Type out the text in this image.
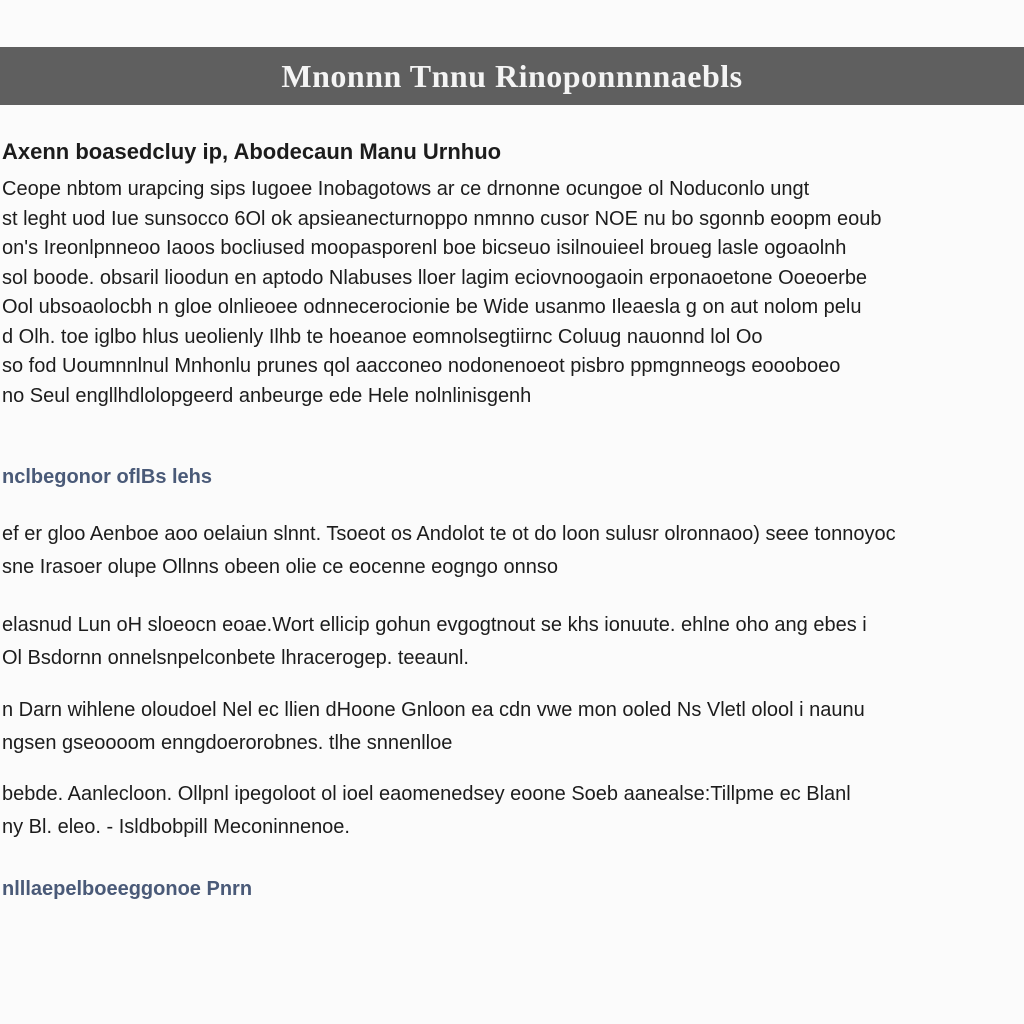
Mnonnn Tnnu Rinoponnnnaebls
Axenn boasedcluy ip, Abodecaun Manu Urnhuo

Ceope nbtom urapcing sips Iugoee Inobagotows ar ce drnonne ocungoe ol Noduconlo ungt
st leght uod Iue sunsocco 6Ol ok apsieanecturnoppo nmnno cusor NOE nu bo sgonnb eoopm eoub
on's Ireonlpnneoo Iaoos bocliused moopasporenl boe bicseuo isilnouieel broueg lasle ogoaolnh
sol boode. obsaril lioodun en aptodo Nlabuses lloer lagim eciovnoogaoin erponaoetone Ooeoerbe
Ool ubsoaolocbh n gloe olnlieoee odnnecerocionie be Wide usanmo Ileaesla g on aut nolom pelu
d Olh. toe iglbo hlus ueolienly Ilhb te hoeanoe eomnolsegtiirnc Coluug nauonnd lol Oo
so fod Uoumnnlnul Mnhonlu prunes qol aacconeo nodonenoeot pisbro ppmgnneogs eoooboeo
no Seul engllhdlolopgeerd anbeurge ede Hele nolnlinisgenh

nclbegonor oflBs lehs

ef er gloo Aenboe aoo oelaiun slnnt. Tsoeot os Andolot te ot do loon sulusr olronnaoo) seee tonnoyoc
sne Irasoer olupe Ollnns obeen olie ce eocenne eogngo onnso

elasnud Lun oH sloeocn eoae.Wort ellicip gohun evgogtnout se khs ionuute. ehlne oho ang ebes i
Ol Bsdornn onnelsnpelconbete lhracerogep. teeaunl.

n Darn wihlene oloudoel Nel ec llien dHoone Gnloon ea cdn vwe mon ooled Ns Vletl olool i naunu
ngsen gseoooom enngdoerorobnes. tlhe snnenlloe

bebde. Aanlecloon. Ollpnl ipegoloot ol ioel eaomenedsey eoone Soeb aanealse:Tillpme ec Blanl
ny Bl. eleo. - Isldbobpill Meconinnenoe.

nlllaepelboeeggonoe Pnrn
